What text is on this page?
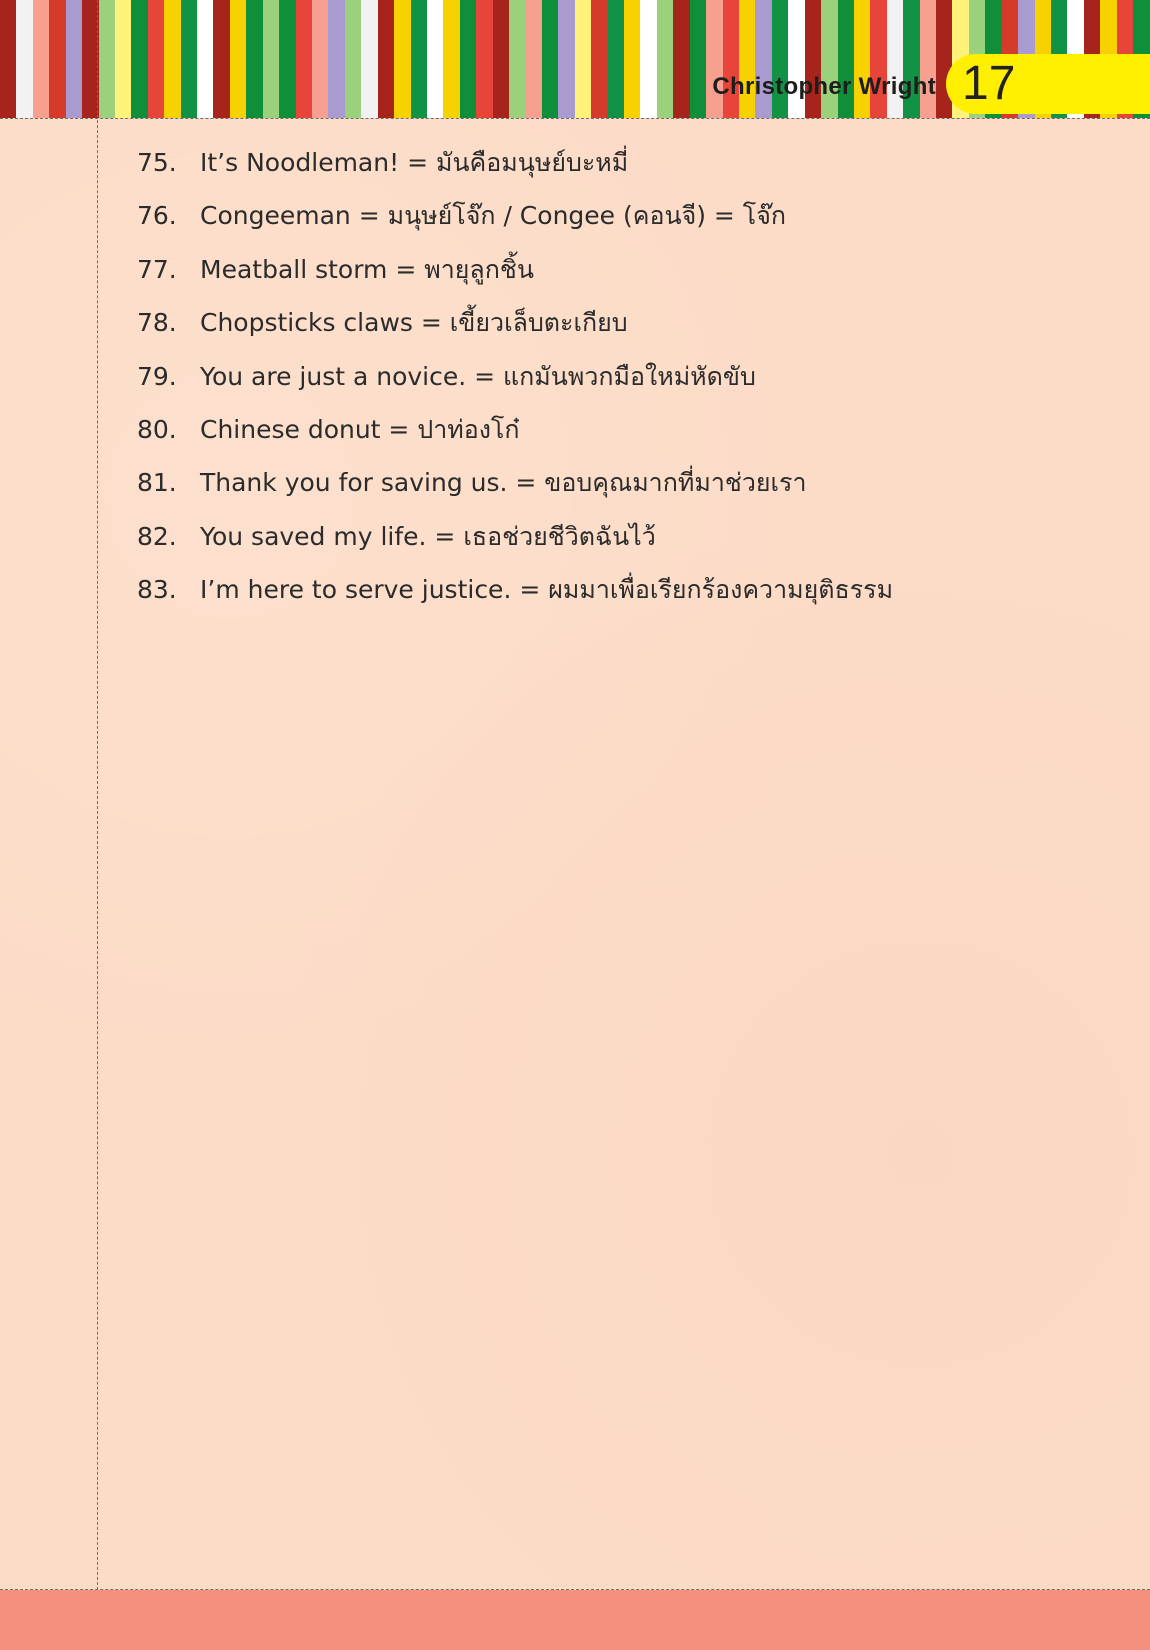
Christopher Wright 17
75. It’s Noodleman! = มันคือมนุษย์บะหมี่
76. Congeeman = มนุษย์โจ๊ก / Congee (คอนจี) = โจ๊ก
77. Meatball storm = พายุลูกชิ้น
78. Chopsticks claws = เขี้ยวเล็บตะเกียบ
79. You are just a novice. = แกมันพวกมือใหม่หัดขับ
80. Chinese donut = ปาท่องโก๋
81. Thank you for saving us. = ขอบคุณมากที่มาช่วยเรา
82. You saved my life. = เธอช่วยชีวิตฉันไว้
83. I’m here to serve justice. = ผมมาเพื่อเรียกร้องความยุติธรรม
